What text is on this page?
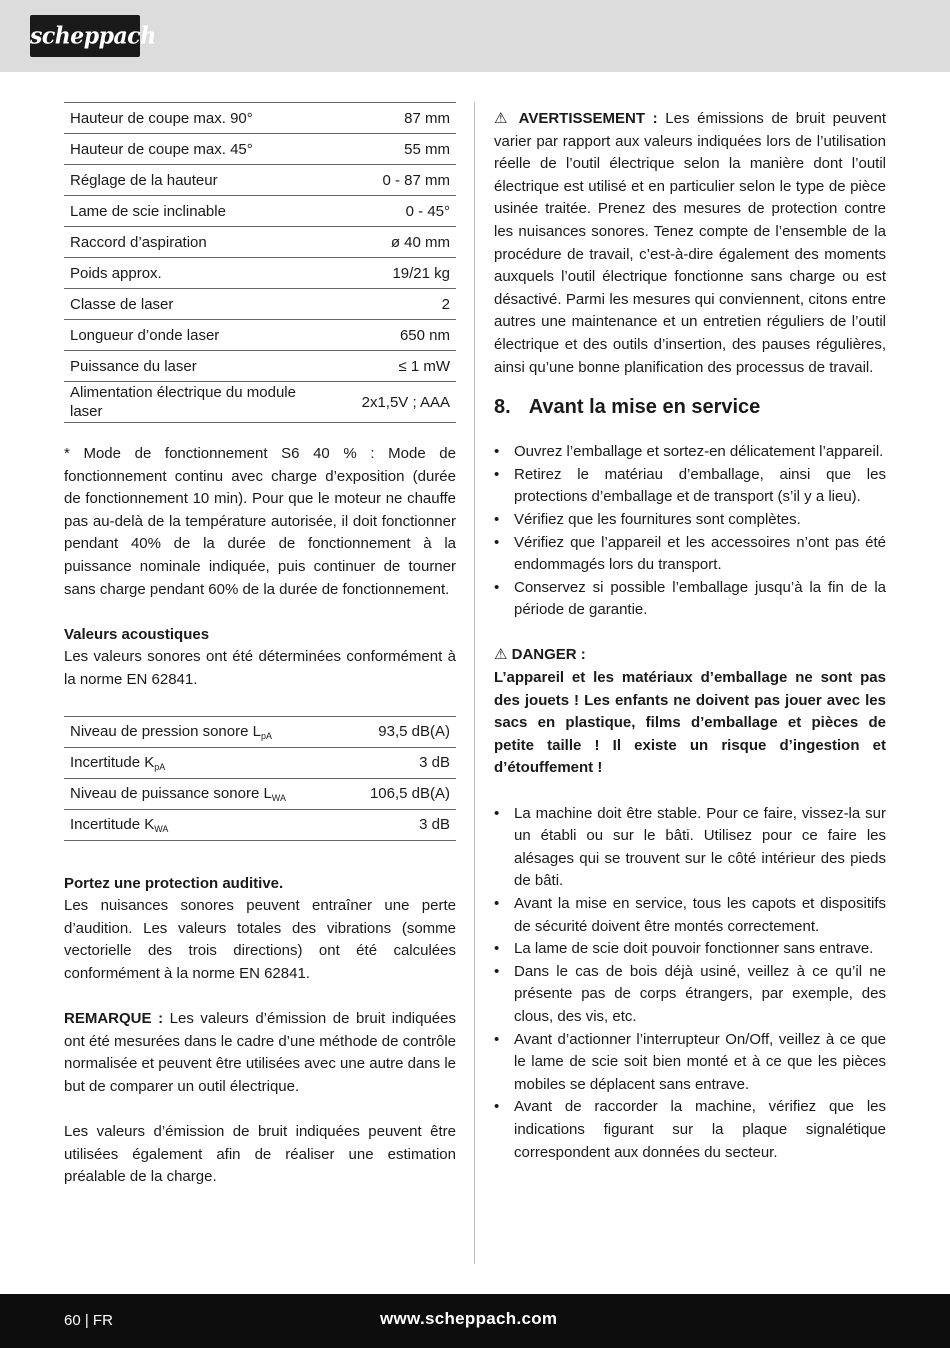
scheppach
Hauteur de coupe max. 90°	87 mm
Hauteur de coupe max. 45°	55 mm
Réglage de la hauteur	0 - 87 mm
Lame de scie inclinable	0 - 45°
Raccord d’aspiration	ø 40 mm
Poids approx.	19/21 kg
Classe de laser	2
Longueur d’onde laser	650 nm
Puissance du laser	≤ 1 mW
Alimentation électrique du module laser	2x1,5V ; AAA

* Mode de fonctionnement S6 40 % : Mode de fonctionnement continu avec charge d’exposition (durée de fonctionnement 10 min). Pour que le moteur ne chauffe pas au-delà de la température autorisée, il doit fonctionner pendant 40% de la durée de fonctionnement à la puissance nominale indiquée, puis continuer de tourner sans charge pendant 60% de la durée de fonctionnement.

Valeurs acoustiques

Les valeurs sonores ont été déterminées conformément à la norme EN 62841.

Niveau de pression sonore $L_{pA}$	93,5 dB(A)
Incertitude $K_{pA}$	3 dB
Niveau de puissance sonore $L_{WA}$	106,5 dB(A)
Incertitude $K_{WA}$	3 dB

Portez une protection auditive.

Les nuisances sonores peuvent entraîner une perte d’audition. Les valeurs totales des vibrations (somme vectorielle des trois directions) ont été calculées conformément à la norme EN 62841.

REMARQUE : Les valeurs d’émission de bruit indiquées ont été mesurées dans le cadre d’une méthode de contrôle normalisée et peuvent être utilisées avec une autre dans le but de comparer un outil électrique.

Les valeurs d’émission de bruit indiquées peuvent être utilisées également afin de réaliser une estimation préalable de la charge.

⚠ AVERTISSEMENT : Les émissions de bruit peuvent varier par rapport aux valeurs indiquées lors de l’utilisation réelle de l’outil électrique selon la manière dont l’outil électrique est utilisé et en particulier selon le type de pièce usinée traitée. Prenez des mesures de protection contre les nuisances sonores. Tenez compte de l’ensemble de la procédure de travail, c’est-à-dire également des moments auxquels l’outil électrique fonctionne sans charge ou est désactivé. Parmi les mesures qui conviennent, citons entre autres une maintenance et un entretien réguliers de l’outil électrique et des outils d’insertion, des pauses régulières, ainsi qu’une bonne planification des processus de travail.

8. Avant la mise en service
• Ouvrez l’emballage et sortez-en délicatement l’appareil.
• Retirez le matériau d’emballage, ainsi que les protections d’emballage et de transport (s’il y a lieu).
• Vérifiez que les fournitures sont complètes.
• Vérifiez que l’appareil et les accessoires n’ont pas été endommagés lors du transport.
• Conservez si possible l’emballage jusqu’à la fin de la période de garantie.

⚠ DANGER :

L’appareil et les matériaux d’emballage ne sont pas des jouets ! Les enfants ne doivent pas jouer avec les sacs en plastique, films d’emballage et pièces de petite taille ! Il existe un risque d’ingestion et d’étouffement !

• La machine doit être stable. Pour ce faire, vissez-la sur un établi ou sur le bâti. Utilisez pour ce faire les alésages qui se trouvent sur le côté intérieur des pieds de bâti.
• Avant la mise en service, tous les capots et dispositifs de sécurité doivent être montés correctement.
• La lame de scie doit pouvoir fonctionner sans entrave.
• Dans le cas de bois déjà usiné, veillez à ce qu’il ne présente pas de corps étrangers, par exemple, des clous, des vis, etc.
• Avant d’actionner l’interrupteur On/Off, veillez à ce que le lame de scie soit bien monté et à ce que les pièces mobiles se déplacent sans entrave.
• Avant de raccorder la machine, vérifiez que les indications figurant sur la plaque signalétique correspondent aux données du secteur.
60 | FR	www.scheppach.com
